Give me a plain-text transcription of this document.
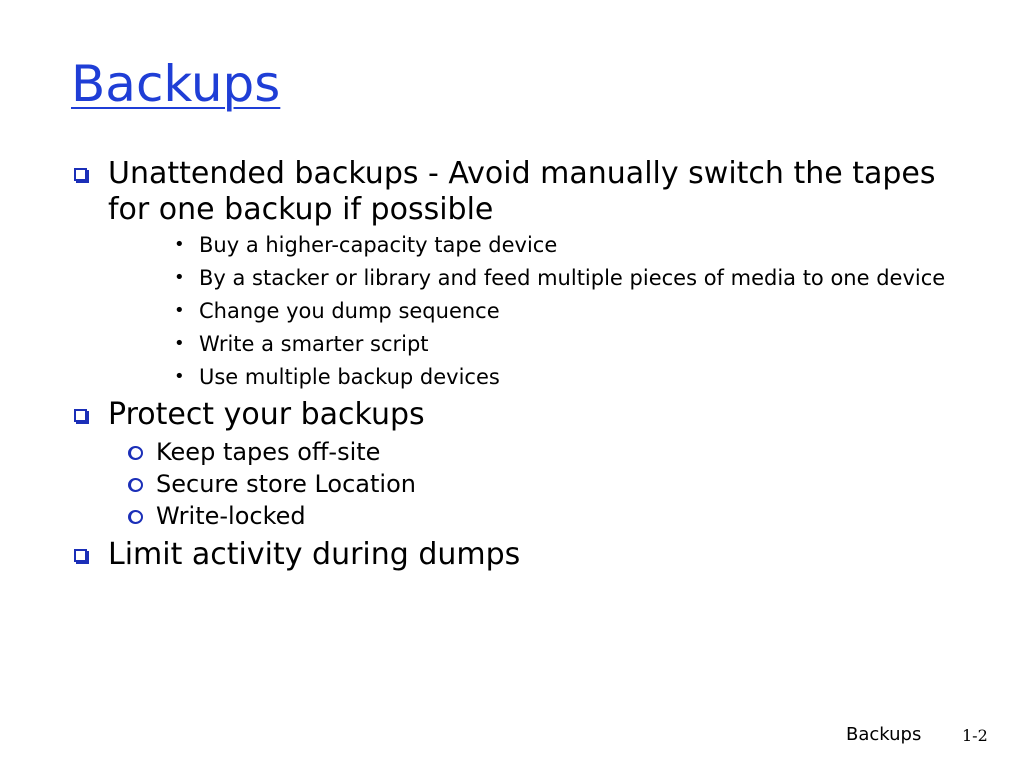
Backups
Unattended backups - Avoid manually switch the tapes for one backup if possible
• Buy a higher-capacity tape device
• By a stacker or library and feed multiple pieces of media to one device
• Change you dump sequence
• Write a smarter script
• Use multiple backup devices
Protect your backups
Keep tapes off-site
Secure store Location
Write-locked
Limit activity during dumps
Backups	1-2
